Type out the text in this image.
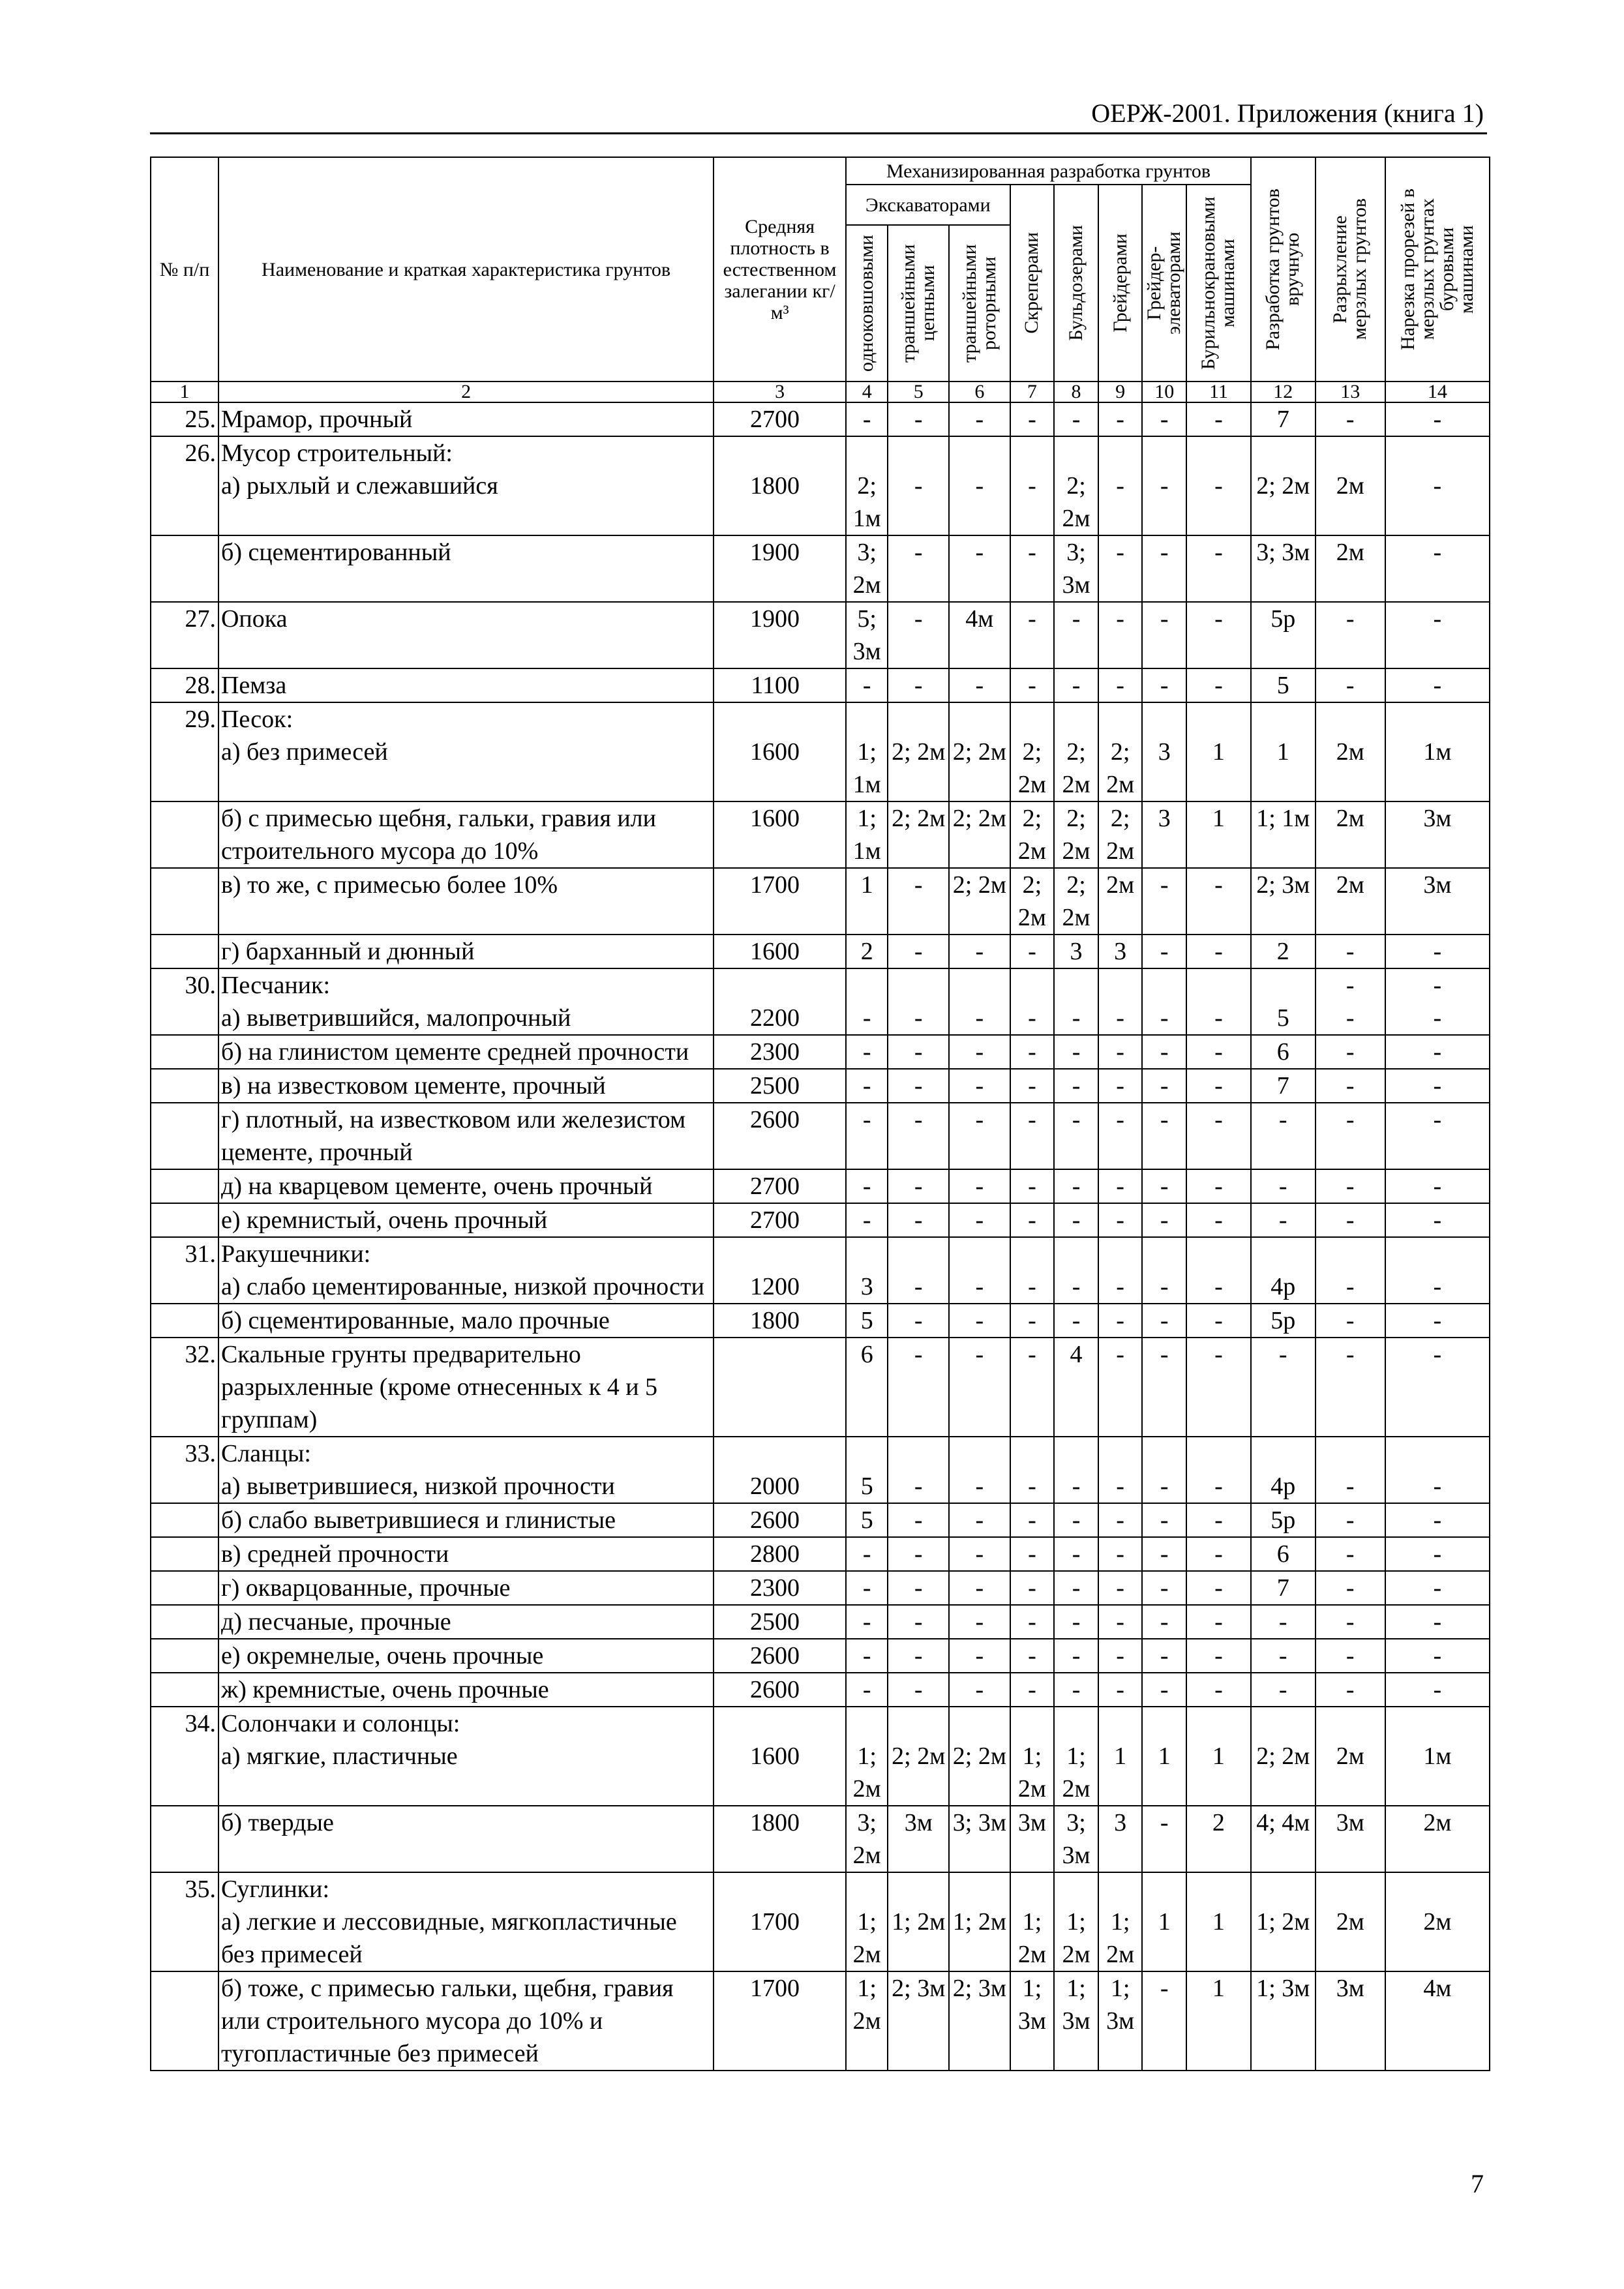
ОЕРЖ-2001. Приложения (книга 1)
№ п/п	Наименование и краткая характеристика грунтов	Средняя плотность в естественном залегании кг/м³	Механизированная разработка грунтов								Разработка грунтов вручную	Разрыхление мерзлых грунтов	Нарезка прорезей в мерзлых грунтах буровыми машинами

			Экскаваторами			Скреперами	Бульдозерами	Грейдерами	Грейдер-элеваторами	Бурильнокрановыми машинами			

			одноковшовыми	траншейными цепными	траншейными роторными								

1	2	3	4	5	6	7	8	9	10	11	12	13	14
25.	Мрамор, прочный	2700	-	-	-	-	-	-	-	-	7	-	-
26.	Мусор строительный:												
	а) рыхлый и слежавшийся	1800	2; 1м	-	-	-	2; 2м	-	-	-	2; 2м	2м	-
	б) сцементированный	1900	3; 2м	-	-	-	3; 3м	-	-	-	3; 3м	2м	-
27.	Опока	1900	5; 3м	-	4м	-	-	-	-	-	5р	-	-
28.	Пемза	1100	-	-	-	-	-	-	-	-	5	-	-
29.	Песок:												
	а) без примесей	1600	1; 1м	2; 2м	2; 2м	2; 2м	2; 2м	2; 2м	3	1	1	2м	1м
	б) с примесью щебня, гальки, гравия или строительного мусора до 10%	1600	1; 1м	2; 2м	2; 2м	2; 2м	2; 2м	2; 2м	3	1	1; 1м	2м	3м
	в) то же, с примесью более 10%	1700	1	-	2; 2м	2; 2м	2; 2м	2м	-	-	2; 3м	2м	3м
	г) барханный и дюнный	1600	2	-	-	-	3	3	-	-	2	-	-
30.	Песчаник:											-	-
	а) выветрившийся, малопрочный	2200	-	-	-	-	-	-	-	-	5	-	-
	б) на глинистом цементе средней прочности	2300	-	-	-	-	-	-	-	-	6	-	-
	в) на известковом цементе, прочный	2500	-	-	-	-	-	-	-	-	7	-	-
	г) плотный, на известковом или железистом цементе, прочный	2600	-	-	-	-	-	-	-	-	-	-	-
	д) на кварцевом цементе, очень прочный	2700	-	-	-	-	-	-	-	-	-	-	-
	е) кремнистый, очень прочный	2700	-	-	-	-	-	-	-	-	-	-	-
31.	Ракушечники:												
	а) слабо цементированные, низкой прочности	1200	3	-	-	-	-	-	-	-	4р	-	-
	б) сцементированные, мало прочные	1800	5	-	-	-	-	-	-	-	5р	-	-
32.	Скальные грунты предварительно разрыхленные (кроме отнесенных к 4 и 5 группам)		6	-	-	-	4	-	-	-	-	-	-
33.	Сланцы:												
	а) выветрившиеся, низкой прочности	2000	5	-	-	-	-	-	-	-	4р	-	-
	б) слабо выветрившиеся и глинистые	2600	5	-	-	-	-	-	-	-	5р	-	-
	в) средней прочности	2800	-	-	-	-	-	-	-	-	6	-	-
	г) окварцованные, прочные	2300	-	-	-	-	-	-	-	-	7	-	-
	д) песчаные, прочные	2500	-	-	-	-	-	-	-	-	-	-	-
	е) окремнелые, очень прочные	2600	-	-	-	-	-	-	-	-	-	-	-
	ж) кремнистые, очень прочные	2600	-	-	-	-	-	-	-	-	-	-	-
34.	Солончаки и солонцы:												
	а) мягкие, пластичные	1600	1; 2м	2; 2м	2; 2м	1; 2м	1; 2м	1	1	1	2; 2м	2м	1м
	б) твердые	1800	3; 2м	3м	3; 3м	3м	3; 3м	3	-	2	4; 4м	3м	2м
35.	Суглинки:												
	а) легкие и лессовидные, мягкопластичные без примесей	1700	1; 2м	1; 2м	1; 2м	1; 2м	1; 2м	1; 2м	1	1	1; 2м	2м	2м
	б) тоже, с примесью гальки, щебня, гравия или строительного мусора до 10% и тугопластичные без примесей	1700	1; 2м	2; 3м	2; 3м	1; 3м	1; 3м	1; 3м	-	1	1; 3м	3м	4м
7
